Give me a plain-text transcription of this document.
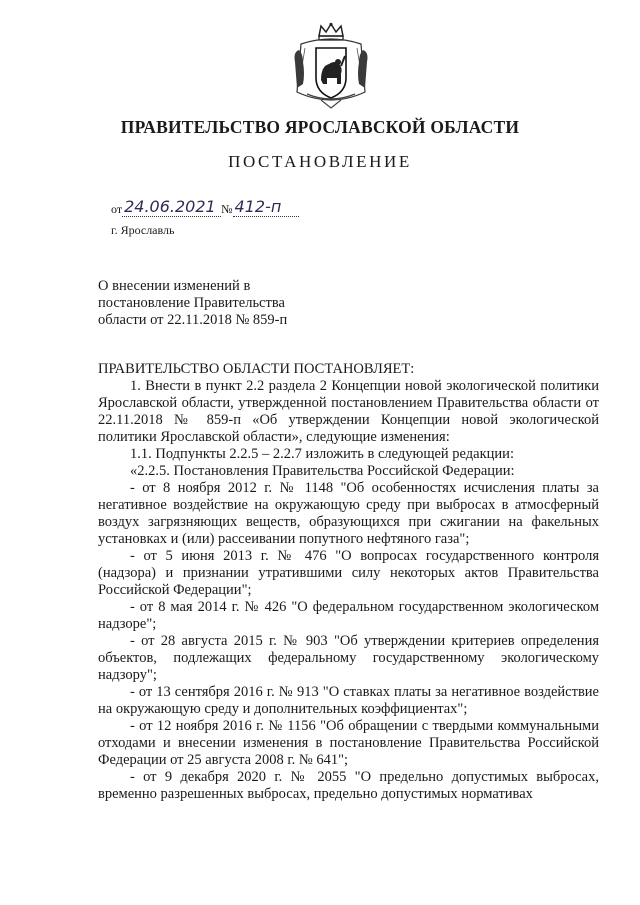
ПРАВИТЕЛЬСТВО ЯРОСЛАВСКОЙ ОБЛАСТИ
ПОСТАНОВЛЕНИЕ
от 24.06.2021 № 412-п
г. Ярославль
О внесении изменений в
постановление Правительства
области от 22.11.2018 № 859-п
ПРАВИТЕЛЬСТВО ОБЛАСТИ ПОСТАНОВЛЯЕТ:

1. Внести в пункт 2.2 раздела 2 Концепции новой экологической политики Ярославской области, утвержденной постановлением Правительства области от 22.11.2018 № 859-п «Об утверждении Концепции новой экологической политики Ярославской области», следующие изменения:

1.1. Подпункты 2.2.5 – 2.2.7 изложить в следующей редакции:

«2.2.5. Постановления Правительства Российской Федерации:

- от 8 ноября 2012 г. № 1148 "Об особенностях исчисления платы за негативное воздействие на окружающую среду при выбросах в атмосферный воздух загрязняющих веществ, образующихся при сжигании на факельных установках и (или) рассеивании попутного нефтяного газа";

- от 5 июня 2013 г. № 476 "О вопросах государственного контроля (надзора) и признании утратившими силу некоторых актов Правительства Российской Федерации";

- от 8 мая 2014 г. № 426 "О федеральном государственном экологическом надзоре";

- от 28 августа 2015 г. № 903 "Об утверждении критериев определения объектов, подлежащих федеральному государственному экологическому надзору";

- от 13 сентября 2016 г. № 913 "О ставках платы за негативное воздействие на окружающую среду и дополнительных коэффициентах";

- от 12 ноября 2016 г. № 1156 "Об обращении с твердыми коммунальными отходами и внесении изменения в постановление Правительства Российской Федерации от 25 августа 2008 г. № 641";

- от 9 декабря 2020 г. № 2055 "О предельно допустимых выбросах, временно разрешенных выбросах, предельно допустимых нормативах
